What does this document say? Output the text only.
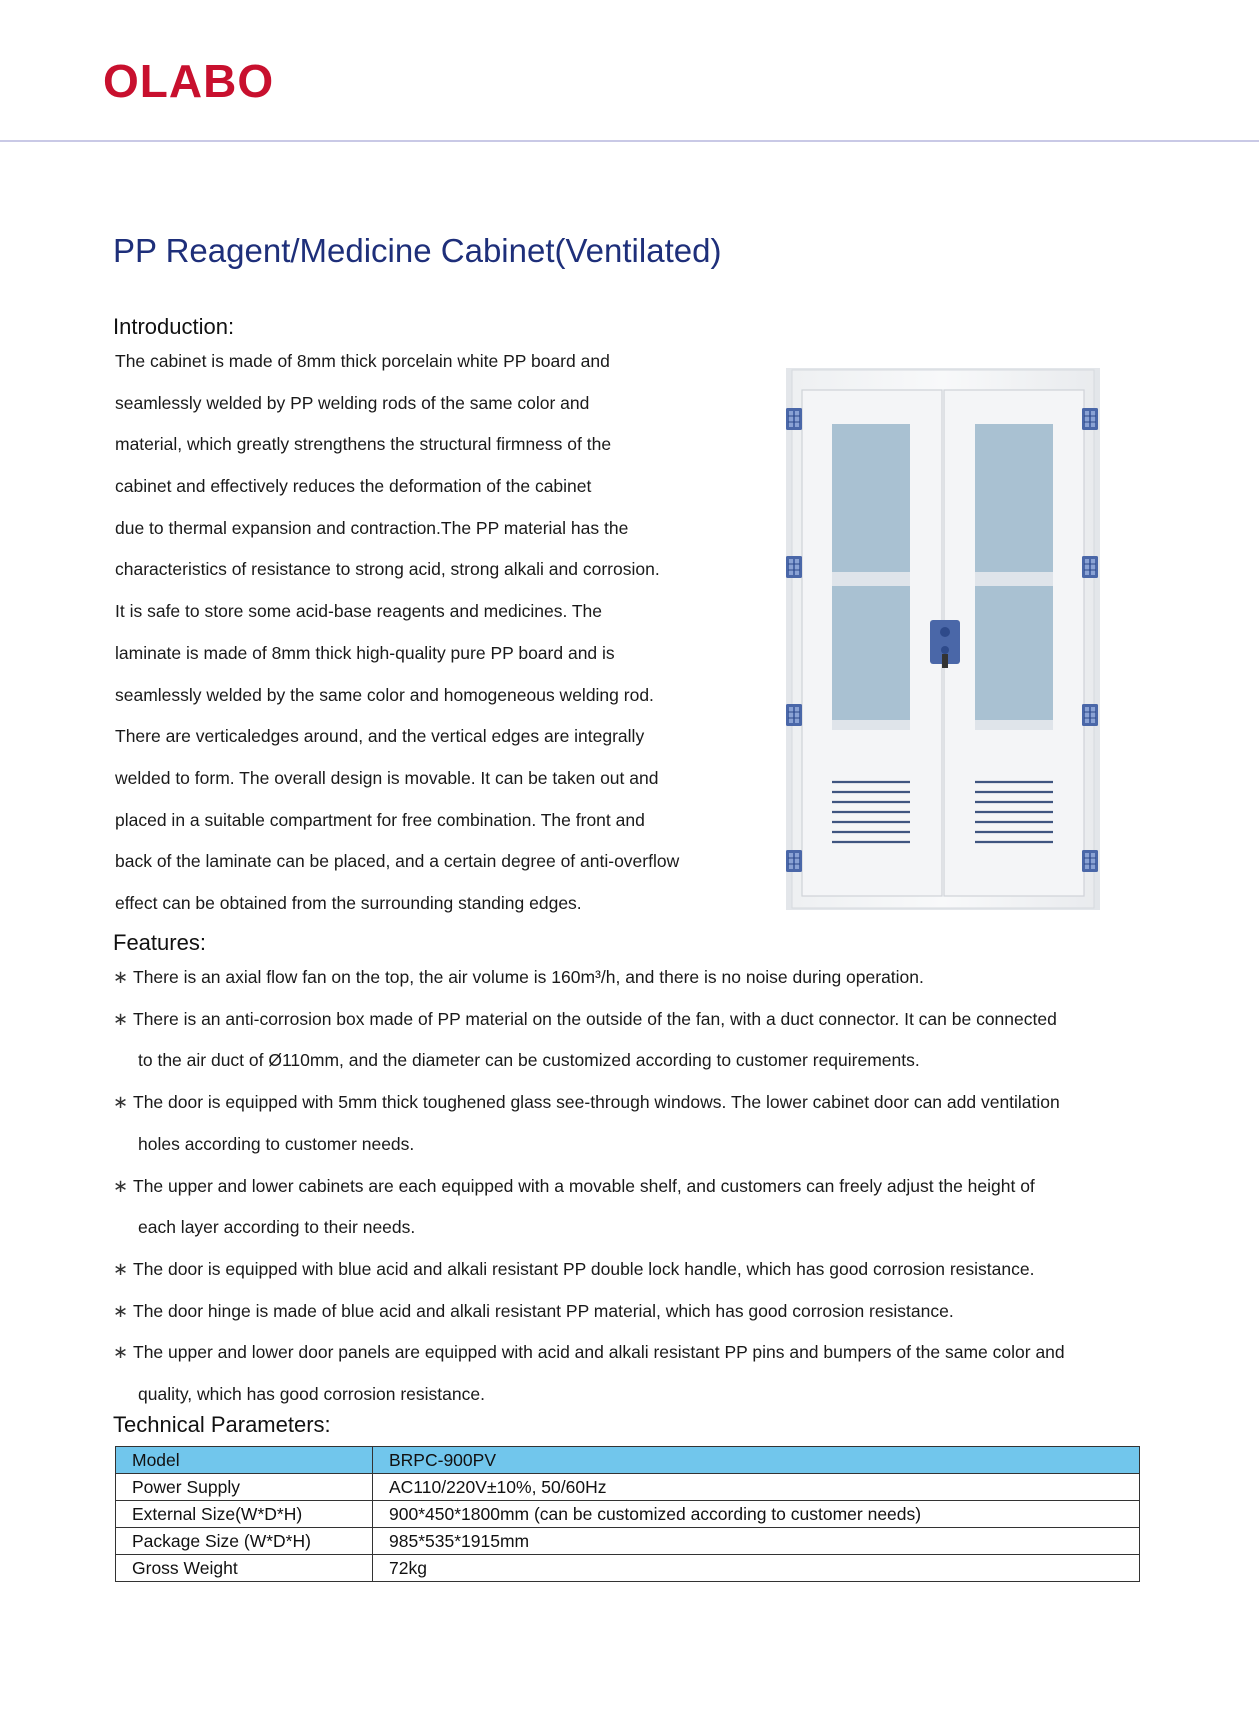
OLABO
PP Reagent/Medicine Cabinet(Ventilated)
Introduction:
The cabinet is made of 8mm thick porcelain white PP board and
seamlessly welded by PP welding rods of the same color and
material, which greatly strengthens the structural firmness of the
cabinet and effectively reduces the deformation of the cabinet
due to thermal expansion and contraction.The PP material has the
characteristics of resistance to strong acid, strong alkali and corrosion.
It is safe to store some acid-base reagents and medicines. The
laminate is made of 8mm thick high-quality pure PP board and is
seamlessly welded by the same color and homogeneous welding rod.
There are verticaledges around, and the vertical edges are integrally
welded to form. The overall design is movable. It can be taken out and
placed in a suitable compartment for free combination. The front and
back of the laminate can be placed, and a certain degree of anti-overflow
effect can be obtained from the surrounding standing edges.
Features:
∗ There is an axial flow fan on the top, the air volume is 160m³/h, and there is no noise during operation.
∗ There is an anti-corrosion box made of PP material on the outside of the fan, with a duct connector. It can be connected
to the air duct of Ø110mm, and the diameter can be customized according to customer requirements.
∗ The door is equipped with 5mm thick toughened glass see-through windows. The lower cabinet door can add ventilation
holes according to customer needs.
∗ The upper and lower cabinets are each equipped with a movable shelf, and customers can freely adjust the height of
each layer according to their needs.
∗ The door is equipped with blue acid and alkali resistant PP double lock handle, which has good corrosion resistance.
∗ The door hinge is made of blue acid and alkali resistant PP material, which has good corrosion resistance.
∗ The upper and lower door panels are equipped with acid and alkali resistant PP pins and bumpers of the same color and
quality, which has good corrosion resistance.
Technical Parameters:
Model	BRPC-900PV
Power Supply	AC110/220V±10%, 50/60Hz
External Size(W*D*H)	900*450*1800mm (can be customized according to customer needs)
Package Size (W*D*H)	985*535*1915mm
Gross Weight	72kg
